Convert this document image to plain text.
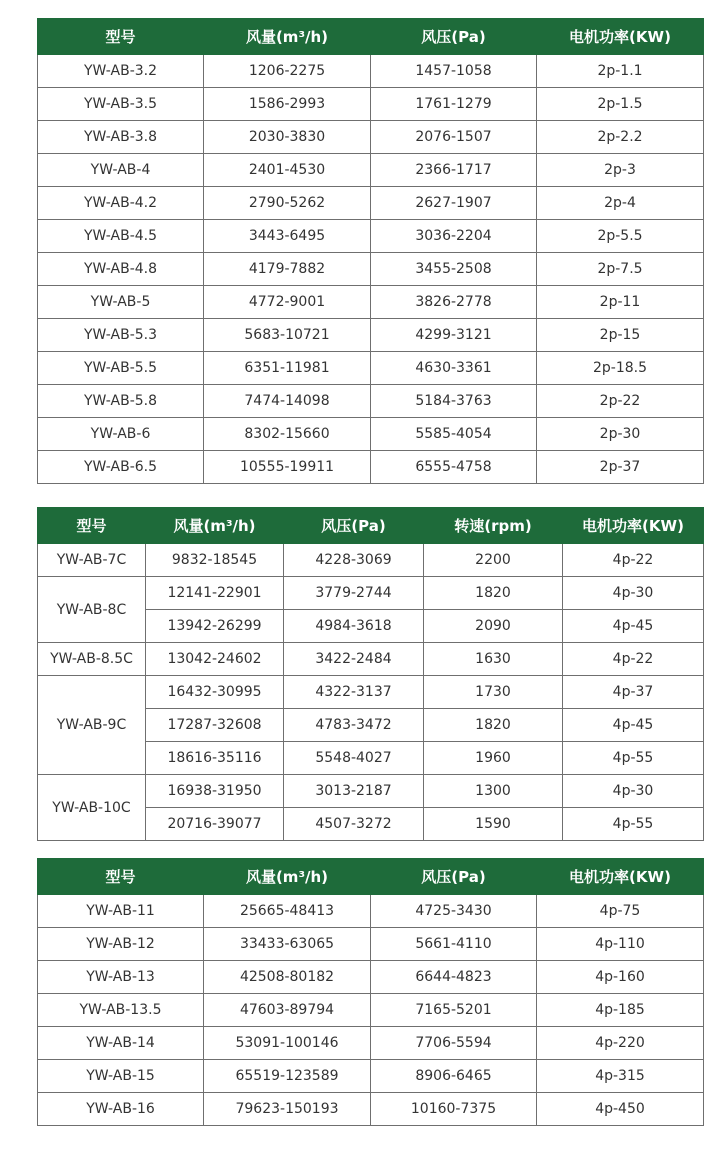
型号	风量(m³/h)	风压(Pa)	电机功率(KW)
YW-AB-3.2	1206-2275	1457-1058	2p-1.1
YW-AB-3.5	1586-2993	1761-1279	2p-1.5
YW-AB-3.8	2030-3830	2076-1507	2p-2.2
YW-AB-4	2401-4530	2366-1717	2p-3
YW-AB-4.2	2790-5262	2627-1907	2p-4
YW-AB-4.5	3443-6495	3036-2204	2p-5.5
YW-AB-4.8	4179-7882	3455-2508	2p-7.5
YW-AB-5	4772-9001	3826-2778	2p-11
YW-AB-5.3	5683-10721	4299-3121	2p-15
YW-AB-5.5	6351-11981	4630-3361	2p-18.5
YW-AB-5.8	7474-14098	5184-3763	2p-22
YW-AB-6	8302-15660	5585-4054	2p-30
YW-AB-6.5	10555-19911	6555-4758	2p-37
型号	风量(m³/h)	风压(Pa)	转速(rpm)	电机功率(KW)
YW-AB-7C	9832-18545	4228-3069	2200	4p-22
YW-AB-8C	12141-22901	3779-2744	1820	4p-30
	13942-26299	4984-3618	2090	4p-45
YW-AB-8.5C	13042-24602	3422-2484	1630	4p-22
YW-AB-9C	16432-30995	4322-3137	1730	4p-37
	17287-32608	4783-3472	1820	4p-45
	18616-35116	5548-4027	1960	4p-55
YW-AB-10C	16938-31950	3013-2187	1300	4p-30
	20716-39077	4507-3272	1590	4p-55
型号	风量(m³/h)	风压(Pa)	电机功率(KW)
YW-AB-11	25665-48413	4725-3430	4p-75
YW-AB-12	33433-63065	5661-4110	4p-110
YW-AB-13	42508-80182	6644-4823	4p-160
YW-AB-13.5	47603-89794	7165-5201	4p-185
YW-AB-14	53091-100146	7706-5594	4p-220
YW-AB-15	65519-123589	8906-6465	4p-315
YW-AB-16	79623-150193	10160-7375	4p-450
